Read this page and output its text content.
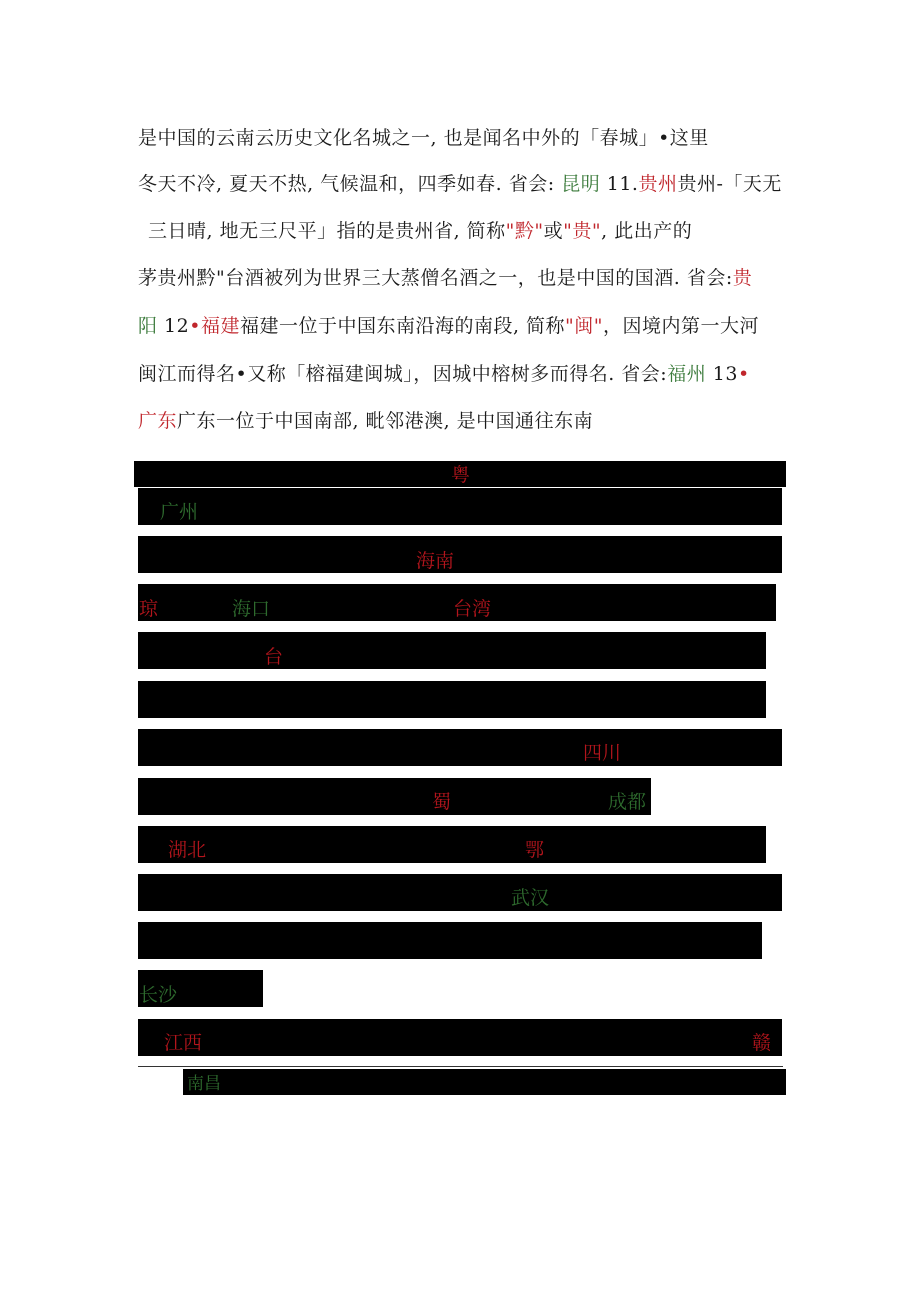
是中国的云南云历史文化名城之一, 也是闻名中外的「春城」•这里
冬天不冷, 夏天不热, 气候温和，四季如春. 省会: 昆明 11.贵州贵州-「天无
三日晴, 地无三尺平」指的是贵州省, 简称"黔"或"贵", 此出产的
茅贵州黔"台酒被列为世界三大蒸僧名酒之一，也是中国的国酒. 省会:贵
阳 12•福建福建一位于中国东南沿海的南段, 简称"闽"，因境内第一大河
闽江而得名•又称「榕福建闽城」，因城中榕树多而得名. 省会:福州 13•
广东广东一位于中国南部, 毗邻港澳, 是中国通往东南
粤
广州
海南
琼	海口	台湾
台
四川
蜀	成都
湖北	鄂
武汉
长沙
江西	赣
南昌
